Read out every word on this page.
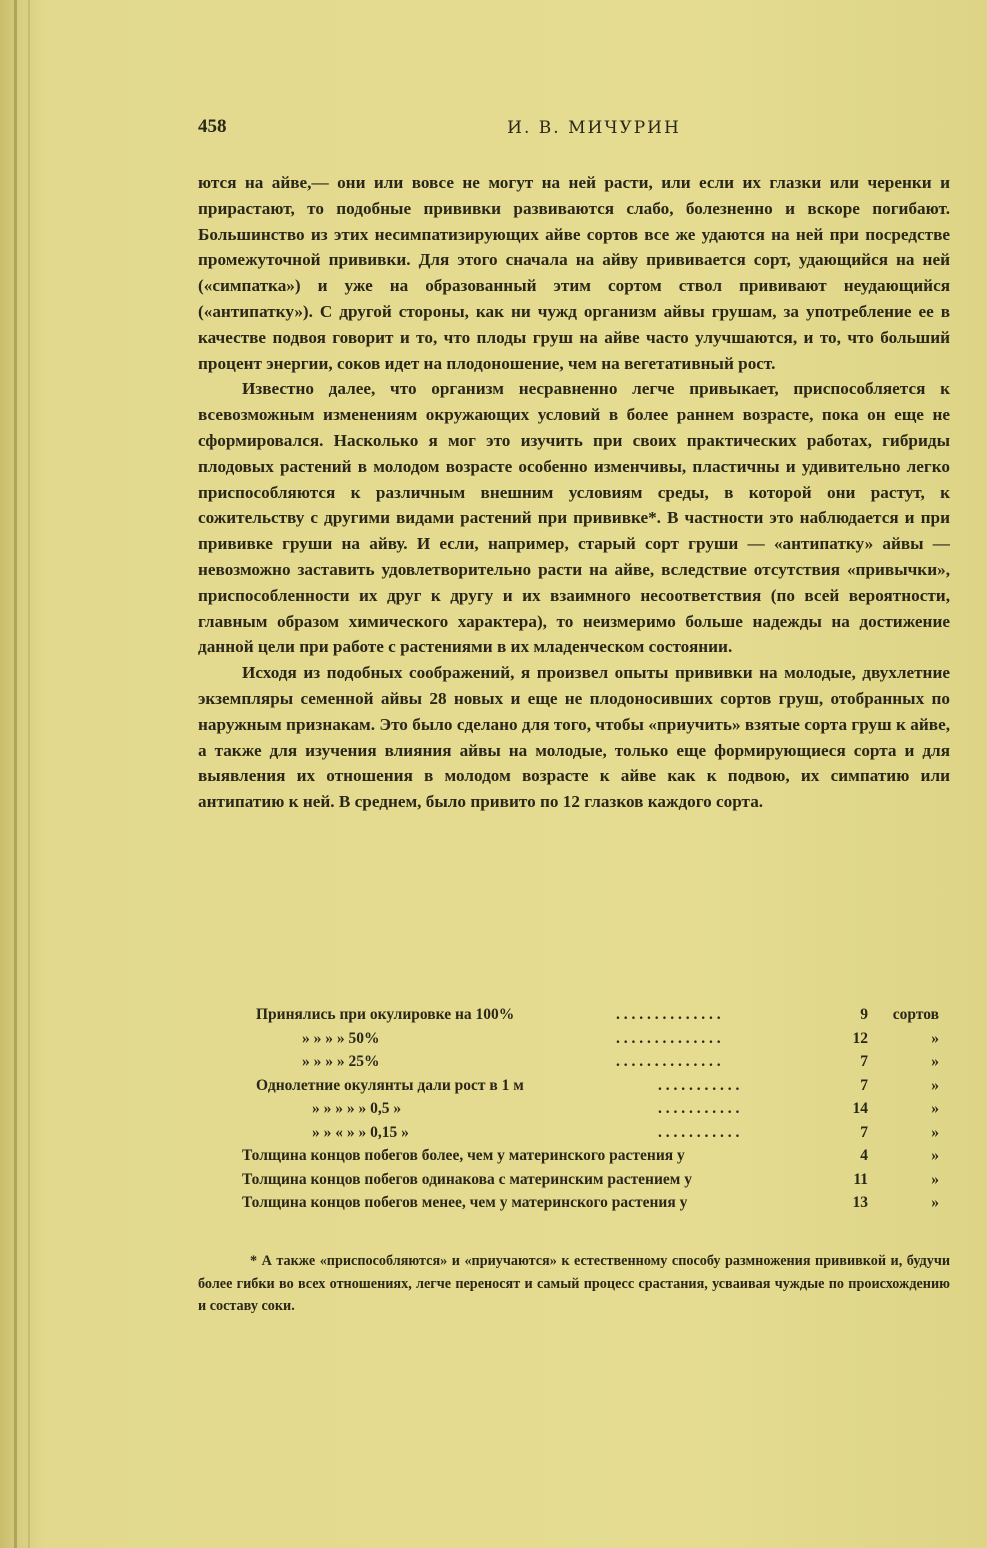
458	И. В. МИЧУРИН

ются на айве,— они или вовсе не могут на ней расти, или если их глазки или черенки и прирастают, то подобные прививки развиваются слабо, болезненно и вскоре погибают. Большинство из этих несимпатизирующих айве сортов все же удаются на ней при посредстве промежуточной прививки. Для этого сначала на айву прививается сорт, удающийся на ней («симпатка») и уже на образованный этим сортом ствол прививают неудающийся («антипатку»). С другой стороны, как ни чужд организм айвы грушам, за употребление ее в качестве подвоя говорит и то, что плоды груш на айве часто улучшаются, и то, что больший процент энергии, соков идет на плодоношение, чем на вегетативный рост.

Известно далее, что организм несравненно легче привыкает, приспособляется к всевозможным изменениям окружающих условий в более раннем возрасте, пока он еще не сформировался. Насколько я мог это изучить при своих практических работах, гибриды плодовых растений в молодом возрасте особенно изменчивы, пластичны и удивительно легко приспособляются к различным внешним условиям среды, в которой они растут, к сожительству с другими видами растений при прививке*. В частности это наблюдается и при прививке груши на айву. И если, например, старый сорт груши — «антипатку» айвы — невозможно заставить удовлетворительно расти на айве, вследствие отсутствия «привычки», приспособленности их друг к другу и их взаимного несоответствия (по всей вероятности, главным образом химического характера), то неизмеримо больше надежды на достижение данной цели при работе с растениями в их младенческом состоянии.

Исходя из подобных соображений, я произвел опыты прививки на молодые, двухлетние экземпляры семенной айвы 28 новых и еще не плодоносивших сортов груш, отобранных по наружным признакам. Это было сделано для того, чтобы «приучить» взятые сорта груш к айве, а также для изучения влияния айвы на молодые, только еще формирующиеся сорта и для выявления их отношения в молодом возрасте к айве как к подвою, их симпатию или антипатию к ней. В среднем, было привито по 12 глазков каждого сорта.

Принялись при окулировке на 100%	. . . . . . . . . . . . . .	9 сортов
» » » » 50%	. . . . . . . . . . . . . .	12	»
» » » » 25%	. . . . . . . . . . . . . .	7	»
Однолетние окулянты дали рост в 1 м	. . . . . . . . . . .	7	»
» » » » » 0,5 »	. . . . . . . . . . .	14	»
» » « » » 0,15 »	. . . . . . . . . . .	7	»
Толщина концов побегов более, чем у материнского растения у	4	»
Толщина концов побегов одинакова с материнским растением у	11	»
Толщина концов побегов менее, чем у материнского растения у	13	»

* А также «приспособляются» и «приучаются» к естественному способу размножения прививкой и, будучи более гибки во всех отношениях, легче переносят и самый процесс срастания, усваивая чуждые по происхождению и составу соки.
